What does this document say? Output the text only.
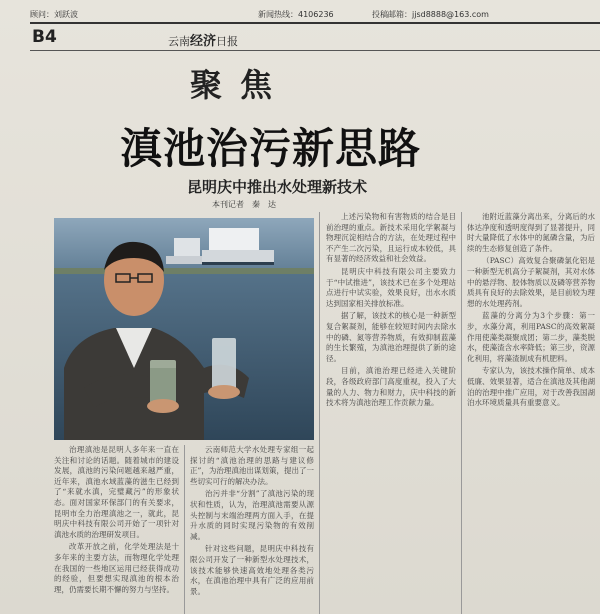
顾问：刘跃波	新闻热线：4106236	投稿邮箱：jjsd8888@163.com
B4	云南经济日报
聚焦
滇池治污新思路
昆明庆中推出水处理新技术
本刊记者　秦　达

治理滇池是昆明人多年来一直在关注和讨论的话题。随着城市的建设发展，滇池的污染问题越来越严重，近年来，滇池水域蓝藻的滋生已经到了“来就水滇，完璧藏污”的形象状态。面对国家环保部门的有关要求，昆明市全力治理滇池之一，就此，昆明庆中科技有限公司开始了一项针对滇池水质的治理研发项目。

改革开放之前，化学处理法是十多年来的主要方法，而物理化学处理在我国的一些地区运用已经获得成功的经验，但要想实现滇池的根本治理，仍需要长期不懈的努力与坚持。

云南师范大学水处理专家组一起探讨的“滇池治理的思路与建议修正”，为治理滇池出谋划策，提出了一些切实可行的解决办法。

治污并非“分割”了滇池污染的现状和性质，认为，治理滇池需要从源头控制与末端治理两方面入手，在提升水质的同时实现污染物的有效削减。

针对这些问题，昆明庆中科技有限公司开发了一种新型水处理技术，该技术能够快速高效地处理各类污水，在滇池治理中具有广泛的应用前景。

上述污染物和有害物质的结合是目前治理的重点。新技术采用化学絮凝与物理沉淀相结合的方法，在处理过程中不产生二次污染，且运行成本较低，具有显著的经济效益和社会效益。

昆明庆中科技有限公司主要致力于“中试推进”，该技术已在多个处理站点进行中试实验，效果良好，出水水质达到国家相关排放标准。

据了解，该技术的核心是一种新型复合絮凝剂，能够在较短时间内去除水中的磷、氮等营养物质，有效抑制蓝藻的生长繁殖，为滇池治理提供了新的途径。

目前，滇池治理已经进入关键阶段，各级政府部门高度重视，投入了大量的人力、物力和财力，庆中科技的新技术将为滇池治理工作贡献力量。

池附近蓝藻分离出来，分离后的水体达净度和透明度得到了显著提升，同时大量降低了水体中的氮磷含量，为后续的生态修复创造了条件。

（PASC）高效复合聚磷氯化铝是一种新型无机高分子絮凝剂，其对水体中的悬浮物、胶体物质以及磷等营养物质具有良好的去除效果，是目前较为理想的水处理药剂。

蓝藻的分离分为3个步骤：第一步，水藻分离，利用PASC的高效絮凝作用使藻类凝聚成团；第二步，藻类脱水，使藻渣含水率降低；第三步，资源化利用，将藻渣制成有机肥料。

专家认为，该技术操作简单、成本低廉、效果显著，适合在滇池及其他湖泊的治理中推广应用，对于改善我国湖泊水环境质量具有重要意义。
